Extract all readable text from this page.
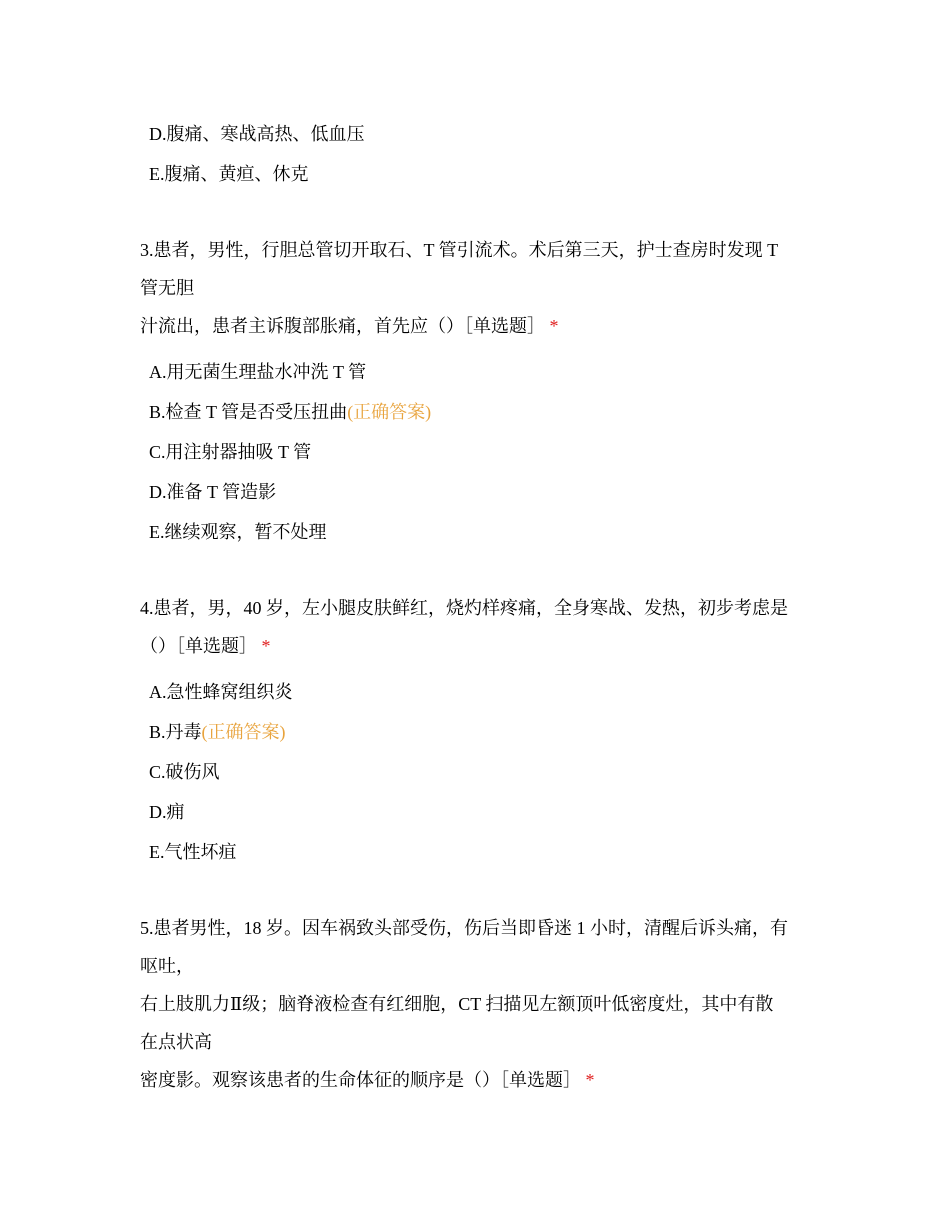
D.腹痛、寒战高热、低血压
E.腹痛、黄疸、休克
3.患者，男性，行胆总管切开取石、T 管引流术。术后第三天，护士查房时发现 T
管无胆
汁流出，患者主诉腹部胀痛，首先应（）［单选题］ *
A.用无菌生理盐水冲洗 T 管
B.检查 T 管是否受压扭曲(正确答案)
C.用注射器抽吸 T 管
D.准备 T 管造影
E.继续观察，暂不处理
4.患者，男，40 岁，左小腿皮肤鲜红，烧灼样疼痛，全身寒战、发热，初步考虑是
（）［单选题］ *
A.急性蜂窝组织炎
B.丹毒(正确答案)
C.破伤风
D.痈
E.气性坏疽
5.患者男性，18 岁。因车祸致头部受伤，伤后当即昏迷 1 小时，清醒后诉头痛，有
呕吐，
右上肢肌力Ⅱ级；脑脊液检查有红细胞，CT 扫描见左额顶叶低密度灶，其中有散
在点状高
密度影。观察该患者的生命体征的顺序是（）［单选题］ *
